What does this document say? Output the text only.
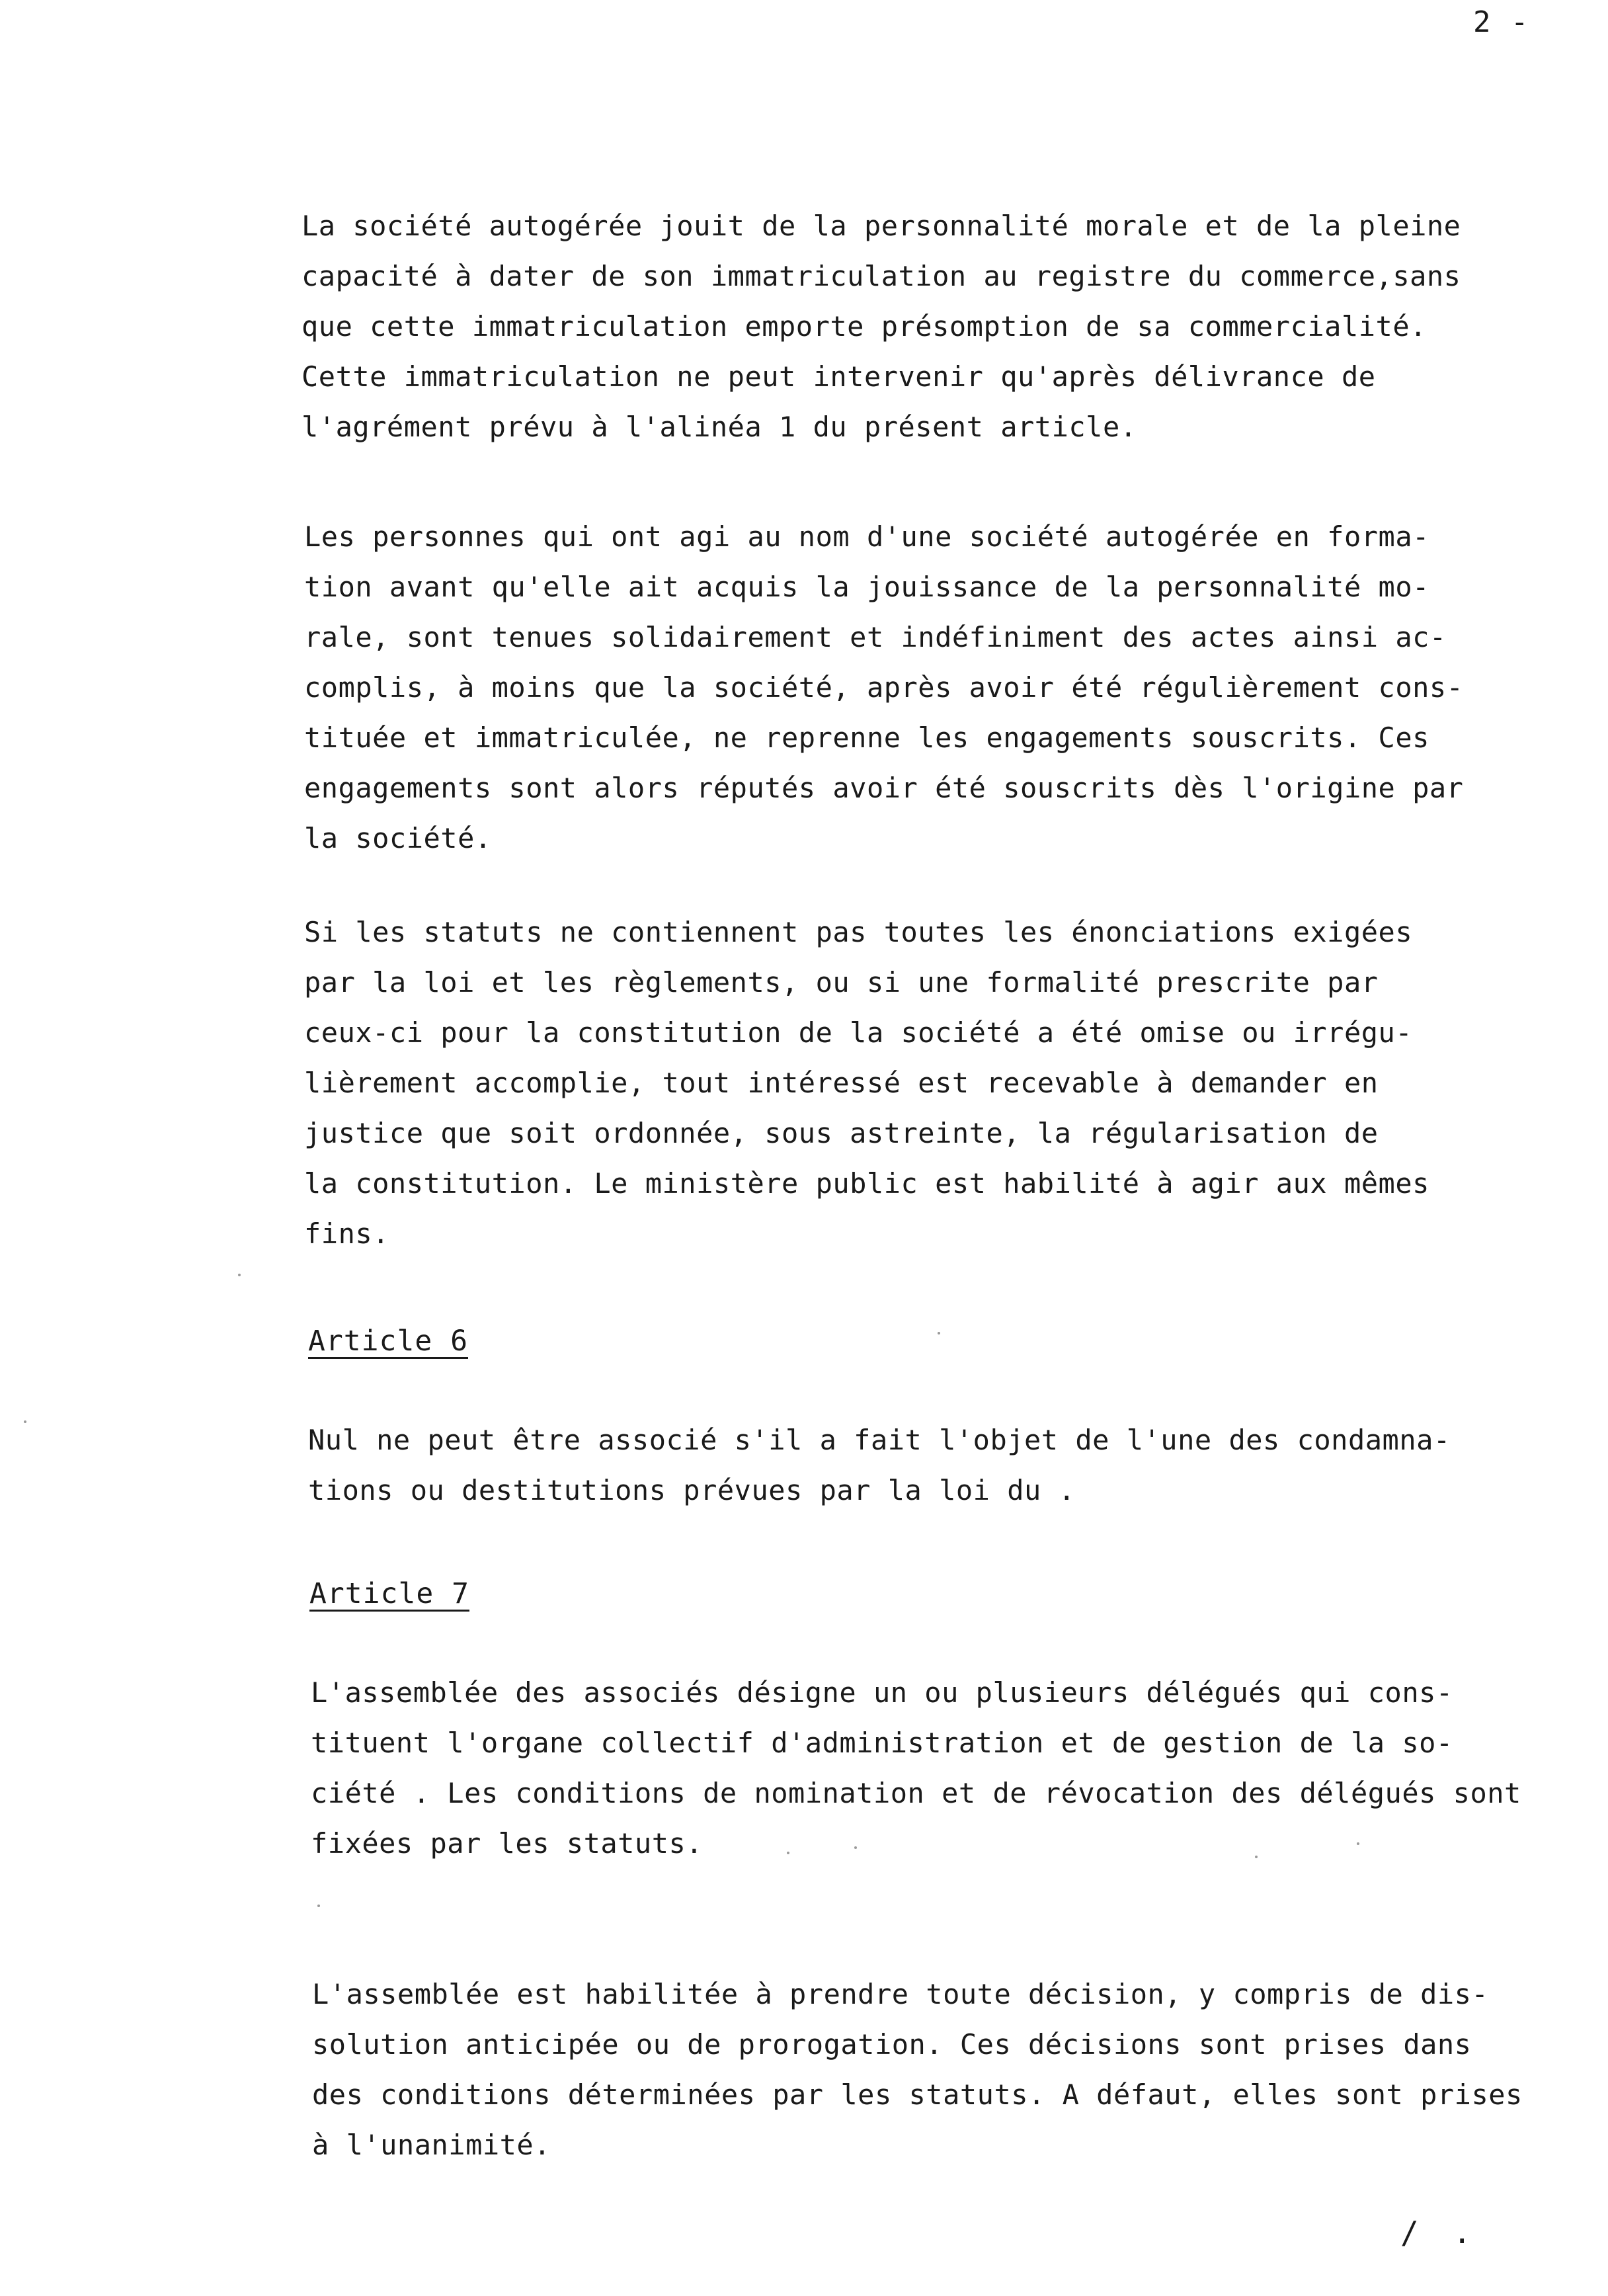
2 -
La société autogérée jouit de la personnalité morale et de la pleine
capacité à dater de son immatriculation au registre du commerce,sans
que cette immatriculation emporte présomption de sa commercialité.
Cette immatriculation ne peut intervenir qu'après délivrance de
l'agrément prévu à l'alinéa 1 du présent article.
Les personnes qui ont agi au nom d'une société autogérée en forma-
tion avant qu'elle ait acquis la jouissance de la personnalité mo-
rale, sont tenues solidairement et indéfiniment des actes ainsi ac-
complis, à moins que la société, après avoir été régulièrement cons-
tituée et immatriculée, ne reprenne les engagements souscrits. Ces
engagements sont alors réputés avoir été souscrits dès l'origine par
la société.
Si les statuts ne contiennent pas toutes les énonciations exigées
par la loi et les règlements, ou si une formalité prescrite par
ceux-ci pour la constitution de la société a été omise ou irrégu-
lièrement accomplie, tout intéressé est recevable à demander en
justice que soit ordonnée, sous astreinte, la régularisation de
la constitution. Le ministère public est habilité à agir aux mêmes
fins.
Article 6
Nul ne peut être associé s'il a fait l'objet de l'une des condamna-
tions ou destitutions prévues par la loi du .
Article 7
L'assemblée des associés désigne un ou plusieurs délégués qui cons-
tituent l'organe collectif d'administration et de gestion de la so-
ciété . Les conditions de nomination et de révocation des délégués sont
fixées par les statuts.
L'assemblée est habilitée à prendre toute décision, y compris de dis-
solution anticipée ou de prorogation. Ces décisions sont prises dans
des conditions déterminées par les statuts. A défaut, elles sont prises
à l'unanimité.
/ .
